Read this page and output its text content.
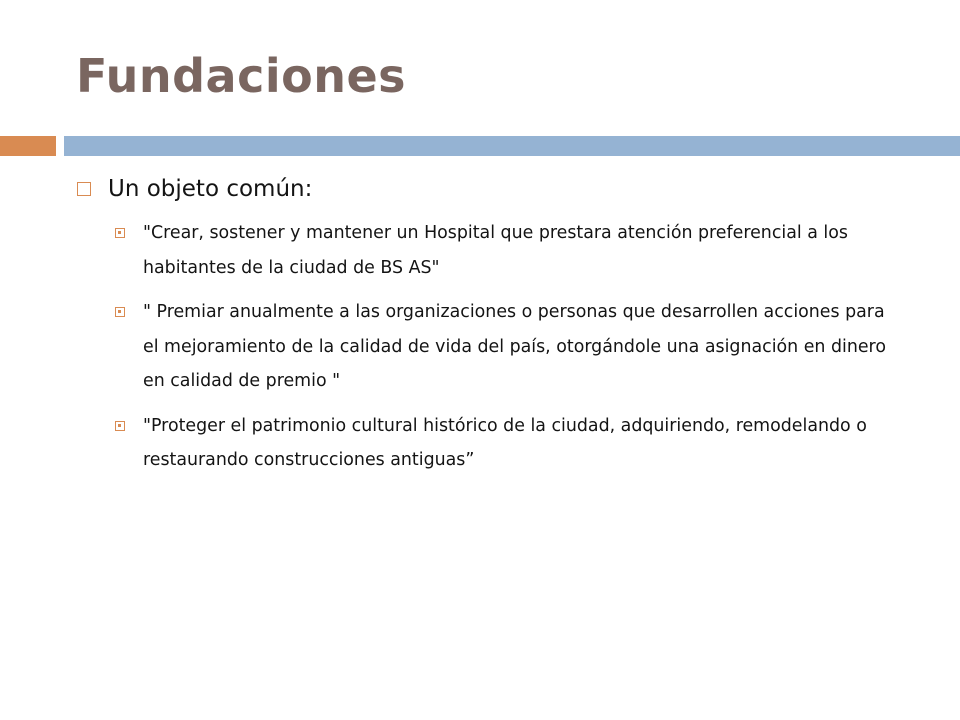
Fundaciones
Un objeto común:

"Crear, sostener y mantener un Hospital que prestara atención preferencial a los habitantes de la ciudad de BS AS"

" Premiar anualmente a las organizaciones o personas que desarrollen acciones para el mejoramiento de la calidad de vida del país, otorgándole una asignación en dinero en calidad de premio "

"Proteger el patrimonio cultural histórico de la ciudad, adquiriendo, remodelando o restaurando construcciones antiguas”
